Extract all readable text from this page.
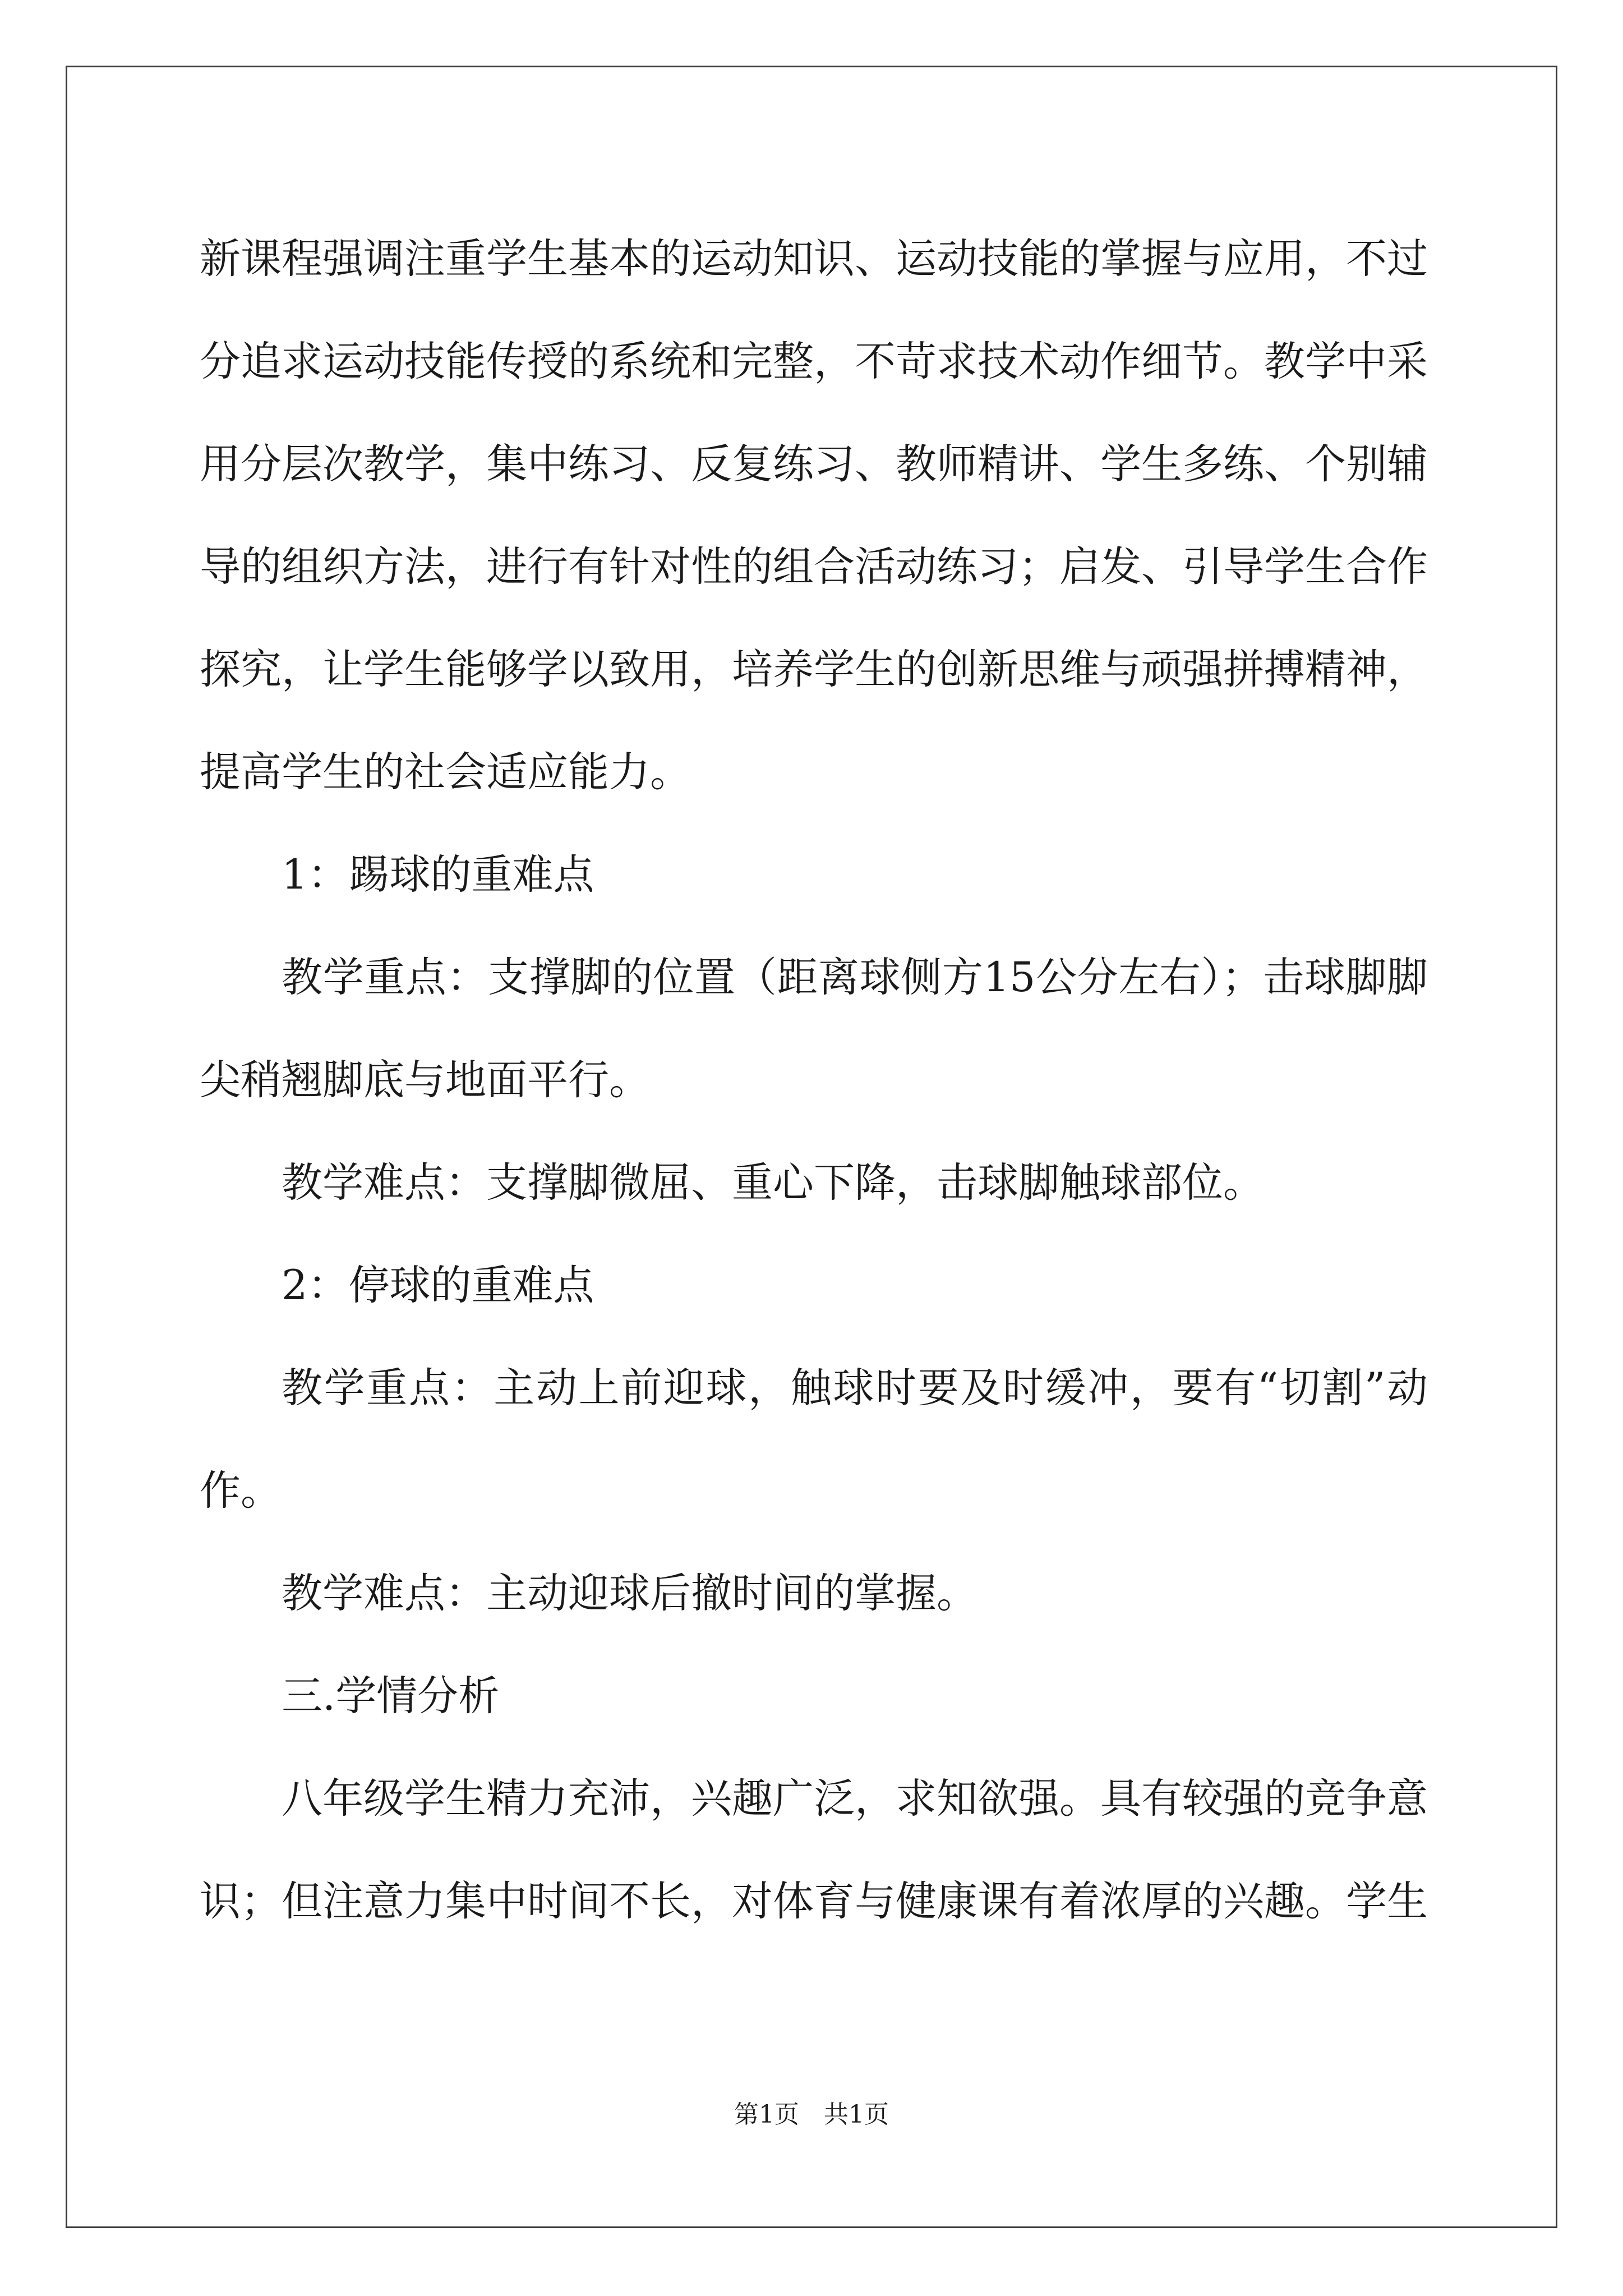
新课程强调注重学生基本的运动知识、运动技能的掌握与应用，不过

分追求运动技能传授的系统和完整，不苛求技术动作细节。教学中采

用分层次教学，集中练习、反复练习、教师精讲、学生多练、个别辅

导的组织方法，进行有针对性的组合活动练习；启发、引导学生合作

探究，让学生能够学以致用，培养学生的创新思维与顽强拼搏精神，

提高学生的社会适应能力。

1：踢球的重难点

教学重点：支撑脚的位置（距离球侧方15公分左右）；击球脚脚

尖稍翘脚底与地面平行。

教学难点：支撑脚微屈、重心下降，击球脚触球部位。

2：停球的重难点

教学重点：主动上前迎球，触球时要及时缓冲，要有“切割”动

作。

教学难点：主动迎球后撤时间的掌握。

三.学情分析

八年级学生精力充沛，兴趣广泛，求知欲强。具有较强的竞争意

识；但注意力集中时间不长，对体育与健康课有着浓厚的兴趣。学生

第1页　共1页
